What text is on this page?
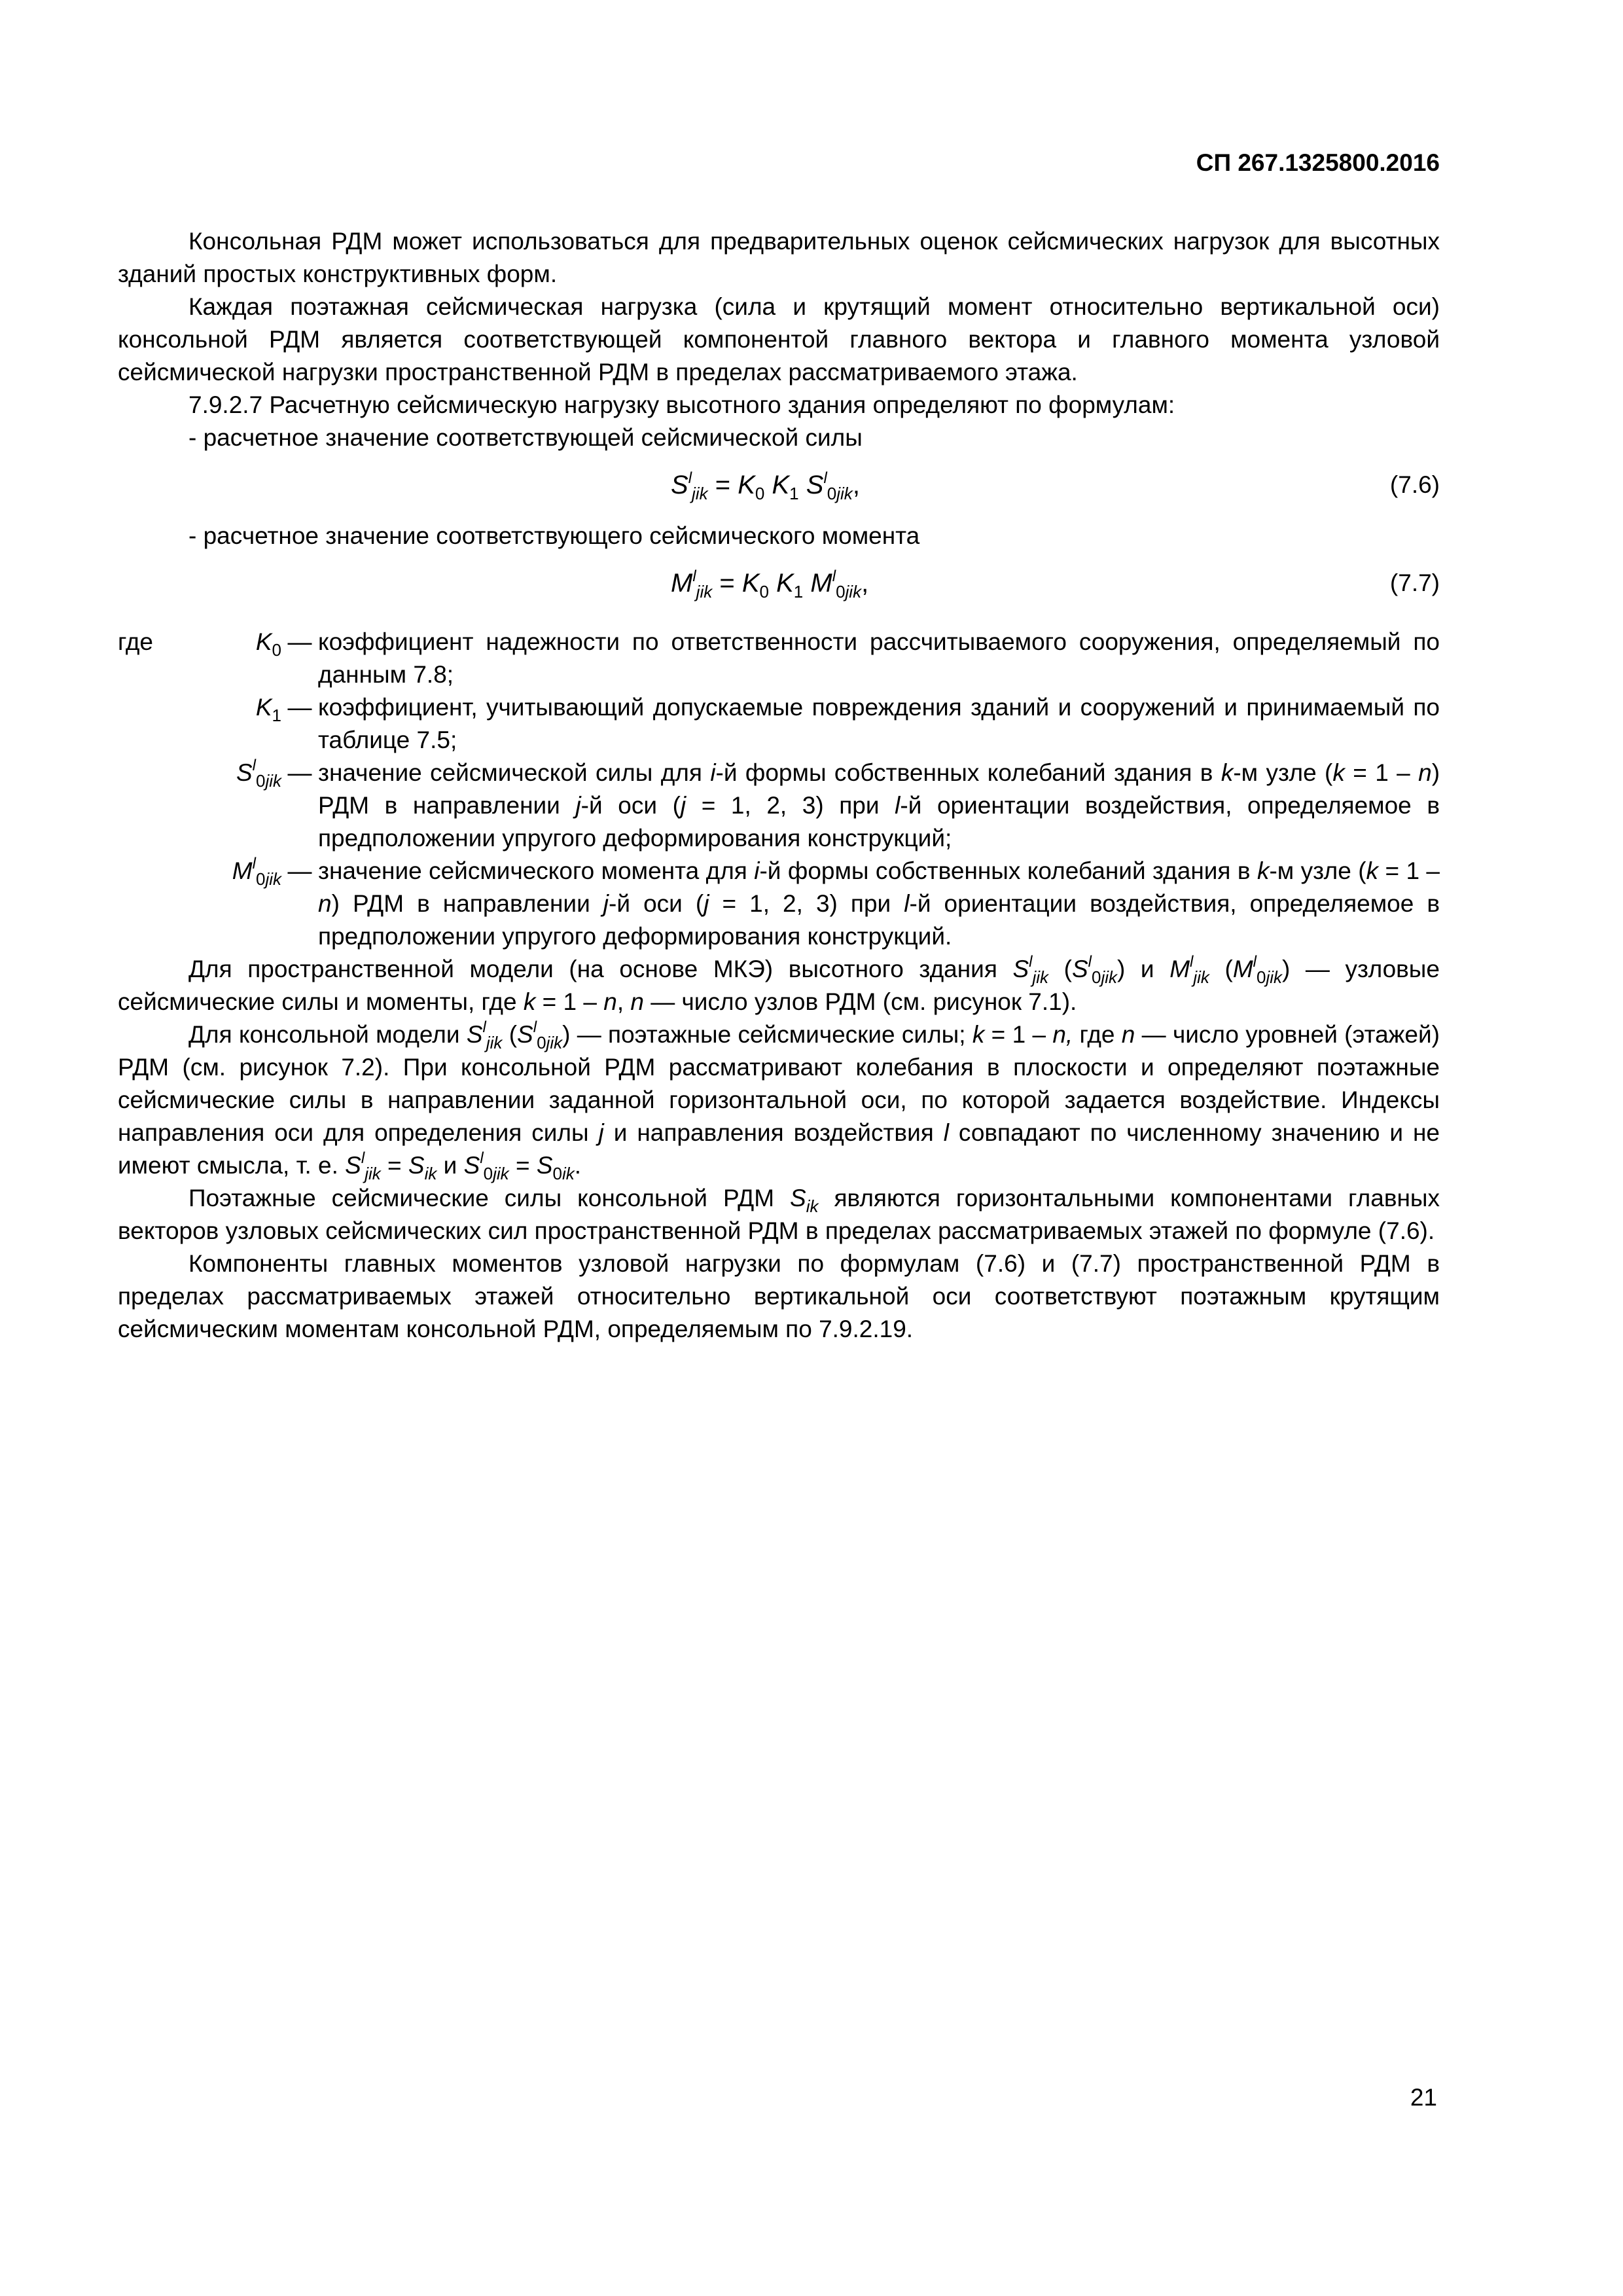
СП 267.1325800.2016

Консольная РДМ может использоваться для предварительных оценок сейсмических нагрузок для высотных зданий простых конструктивных форм.

Каждая поэтажная сейсмическая нагрузка (сила и крутящий момент относительно вертикальной оси) консольной РДМ является соответствующей компонентой главного вектора и главного момента узловой сейсмической нагрузки пространственной РДМ в пределах рассматриваемого этажа.

7.9.2.7 Расчетную сейсмическую нагрузку высотного здания определяют по формулам:

- расчетное значение соответствующей сейсмической силы

$S^l_{jik} = K_0$ $K_1$ $S^l_{0jik}$,	(7.6)

- расчетное значение соответствующего сейсмического момента

$M^l_{jik} = K_0$ $K_1$ $M^l_{0jik}$,	(7.7)
где	$K_0$ — коэффициент надежности по ответственности рассчитываемого сооружения, определяемый по данным 7.8;
$K_1$ — коэффициент, учитывающий допускаемые повреждения зданий и сооружений и принимаемый по таблице 7.5;
$S^l_{0jik}$ — значение сейсмической силы для i-й формы собственных колебаний здания в k-м узле (k = 1 – n) РДМ в направлении j-й оси (j = 1, 2, 3) при l-й ориентации воздействия, определяемое в предположении упругого деформирования конструкций;
$M^l_{0jik}$ — значение сейсмического момента для i-й формы собственных колебаний здания в k-м узле (k = 1 – n) РДМ в направлении j-й оси (j = 1, 2, 3) при l-й ориентации воздействия, определяемое в предположении упругого деформирования конструкций.

Для пространственной модели (на основе МКЭ) высотного здания $S^l_{jik}$ $(S^l_{0jik})$ и $M^l_{jik}$ $(M^l_{0jik})$ — узловые сейсмические силы и моменты, где k = 1 – n, n — число узлов РДМ (см. рисунок 7.1).

Для консольной модели $S^l_{jik}$ $(S^l_{0jik})$ — поэтажные сейсмические силы; k = 1 – n, где n — число уровней (этажей) РДМ (см. рисунок 7.2). При консольной РДМ рассматривают колебания в плоскости и определяют поэтажные сейсмические силы в направлении заданной горизонтальной оси, по которой задается воздействие. Индексы направления оси для определения силы j и направления воздействия l совпадают по численному значению и не имеют смысла, т. е. $S^l_{jik} = S_{ik}$ и $S^l_{0jik} = S_{0ik}$.

Поэтажные сейсмические силы консольной РДМ $S_{ik}$ являются горизонтальными компонентами главных векторов узловых сейсмических сил пространственной РДМ в пределах рассматриваемых этажей по формуле (7.6).

Компоненты главных моментов узловой нагрузки по формулам (7.6) и (7.7) пространственной РДМ в пределах рассматриваемых этажей относительно вертикальной оси соответствуют поэтажным крутящим сейсмическим моментам консольной РДМ, определяемым по 7.9.2.19.

21
